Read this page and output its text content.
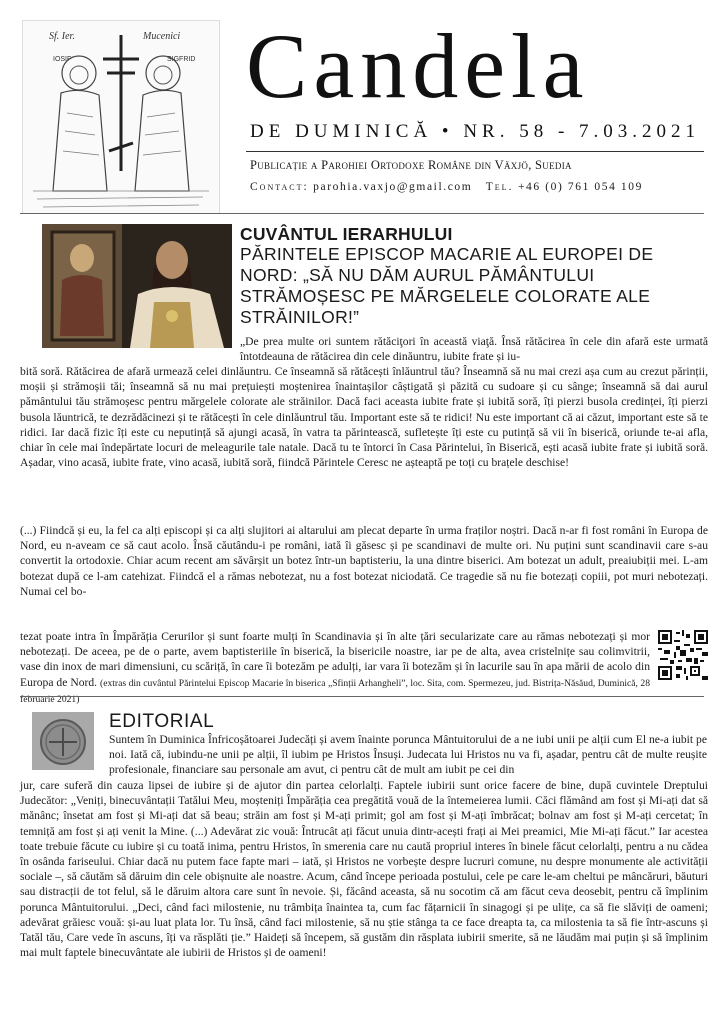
Sf. Ier.	Mucenici
IOSIF	SIGFRID Candela
DE DUMINICĂ • NR. 58 - 7.03.2021
Publicație a Parohiei Ortodoxe Române din Växjö, Suedia
Contact: parohia.vaxjo@gmail.com Tel. +46 (0) 761 054 109
CUVÂNTUL IERARHULUI
PĂRINTELE EPISCOP MACARIE AL EUROPEI DE NORD: „SĂ NU DĂM AURUL PĂMÂNTULUI STRĂMOȘESC PE MĂRGELELE COLORATE ALE STRĂINILOR!”
„De prea multe ori suntem rătăciţori în această viaţă. Însă rătăcirea în cele din afară este urmată întotdeauna de rătăcirea din cele dinăuntru, iubite frate și iu-
bită soră. Rătăcirea de afară urmează celei dinlăuntru. Ce înseamnă să rătăcești înlăuntrul tău? Înseamnă să nu mai crezi așa cum au crezut părinții, moșii și strămoșii tăi; înseamnă să nu mai prețuiești moștenirea înaintașilor câștigată și păzită cu sudoare și cu sânge; înseamnă să dai aurul pământului tău strămoșesc pentru mărgelele colorate ale străinilor. Dacă faci aceasta iubite frate și iubită soră, îți pierzi busola credinței, îți pierzi busola lăuntrică, te dezrădăcinezi și te rătăcești în cele dinlăuntrul tău. Important este să te ridici! Nu este important că ai căzut, important este să te ridici. Iar dacă fizic îți este cu neputință să ajungi acasă, în vatra ta părintească, sufletește îți este cu putință să vii în biserică, oriunde te-ai afla, chiar în cele mai îndepărtate locuri de meleagurile tale natale. Dacă tu te întorci în Casa Părintelui, în Biserică, ești acasă iubite frate și iubită soră. Așadar, vino acasă, iubite frate, vino acasă, iubită soră, fiindcă Părintele Ceresc ne așteaptă pe toți cu brațele deschise!
(...) Fiindcă și eu, la fel ca alți episcopi și ca alți slujitori ai altarului am plecat departe în urma fraților noștri. Dacă n-ar fi fost români în Europa de Nord, eu n-aveam ce să caut acolo. Însă căutându-i pe români, iată îi găsesc și pe scandinavi de multe ori. Nu puțini sunt scandinavii care s-au convertit la ortodoxie. Chiar acum recent am săvârșit un botez într-un baptisteriu, la una dintre biserici. Am botezat un adult, preaiubiții mei. L-am botezat după ce l-am catehizat. Fiindcă el a rămas nebotezat, nu a fost botezat niciodată. Ce tragedie să nu fie botezați copiii, pot muri nebotezați. Numai cel bo-
tezat poate intra în Împărăția Cerurilor și sunt foarte mulți în Scandinavia și în alte țări secularizate care au rămas nebotezați și mor nebotezați. De aceea, pe de o parte, avem baptisteriile în biserică, la bisericile noastre, iar pe de alta, avea cristelnițe sau colimvitrii, vase din inox de mari dimensiuni, cu scăriță, în care îi botezăm pe adulți, iar vara îi botezăm și în lacurile sau în apa mării de acolo din Europa de Nord. (extras din cuvântul Părintelui Episcop Macarie în biserica „Sfinții Arhangheli”, loc. Sita, com. Spermezeu, jud. Bistrița-Năsăud, Duminică, 28 februarie 2021)
EDITORIAL
Suntem în Duminica Înfricoșătoarei Judecăți și avem înainte porunca Mântuitorului de a ne iubi unii pe alții cum El ne-a iubit pe noi. Iată că, iubindu-ne unii pe alții, îl iubim pe Hristos Însuși. Judecata lui Hristos nu va fi, așadar, pentru cât de multe reușite profesionale, financiare sau personale am avut, ci pentru cât de mult am iubit pe cei din
jur, care suferă din cauza lipsei de iubire și de ajutor din partea celorlalți. Faptele iubirii sunt orice facere de bine, după cuvintele Dreptului Judecător: „Veniți, binecuvântații Tatălui Meu, moșteniți Împărăția cea pregătită vouă de la întemeierea lumii. Căci flămând am fost și Mi-ați dat să mănânc; însetat am fost și Mi-ați dat să beau; străin am fost și M-ați primit; gol am fost și M-ați îmbrăcat; bolnav am fost și M-ați cercetat; în temniță am fost și ați venit la Mine. (...) Adevărat zic vouă: Întrucât ați făcut unuia dintr-acești frați ai Mei preamici, Mie Mi-ați făcut.” Iar acestea toate trebuie făcute cu iubire și cu toată inima, pentru Hristos, în smerenia care nu caută propriul interes în binele făcut celorlalți, pentru a nu cădea în osânda fariseului. Chiar dacă nu putem face fapte mari – iată, și Hristos ne vorbește despre lucruri comune, nu despre monumente ale activității sociale –, să căutăm să dăruim din cele obișnuite ale noastre. Acum, când începe perioada postului, cele pe care le-am cheltui pe mâncăruri, băuturi sau distracții de tot felul, să le dăruim altora care sunt în nevoie. Și, făcând aceasta, să nu socotim că am făcut ceva deosebit, pentru că împlinim porunca Mântuitorului. „Deci, când faci milostenie, nu trâmbița înaintea ta, cum fac fățarnicii în sinagogi și pe ulițe, ca să fie slăviți de oameni; adevărat grăiesc vouă: și-au luat plata lor. Tu însă, când faci milostenie, să nu știe stânga ta ce face dreapta ta, ca milostenia ta să fie într-ascuns și Tatăl tău, Care vede în ascuns, îți va răsplăti ție.” Haideți să începem, să gustăm din răsplata iubirii smerite, să ne lăudăm mai puțin și să împlinim mai mult faptele binecuvântate ale iubirii de Hristos și de oameni!
